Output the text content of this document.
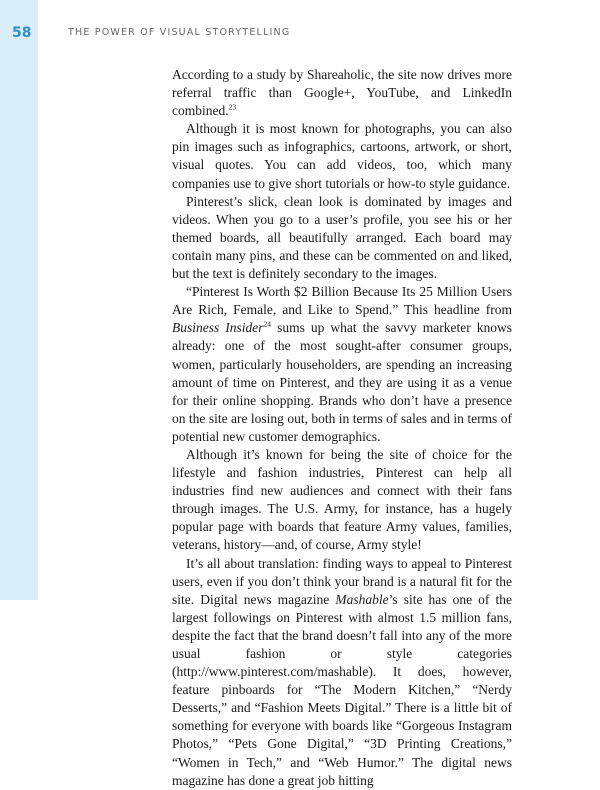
58	THE POWER OF VISUAL STORYTELLING

According to a study by Shareaholic, the site now drives more referral traffic than Google+, YouTube, and LinkedIn combined.$^{23}$

Although it is most known for photographs, you can also pin images such as infographics, cartoons, artwork, or short, visual quotes. You can add videos, too, which many companies use to give short tutorials or how-to style guidance.

Pinterest’s slick, clean look is dominated by images and videos. When you go to a user’s profile, you see his or her themed boards, all beautifully arranged. Each board may contain many pins, and these can be commented on and liked, but the text is definitely secondary to the images.

“Pinterest Is Worth $2 Billion Because Its 25 Million Users Are Rich, Female, and Like to Spend.” This headline from Business Insider$^{24}$ sums up what the savvy marketer knows already: one of the most sought-after consumer groups, women, particularly householders, are spending an increasing amount of time on Pinterest, and they are using it as a venue for their online shopping. Brands who don’t have a presence on the site are losing out, both in terms of sales and in terms of potential new customer demographics.

Although it’s known for being the site of choice for the lifestyle and fashion industries, Pinterest can help all industries find new audiences and connect with their fans through images. The U.S. Army, for instance, has a hugely popular page with boards that feature Army values, families, veterans, history—and, of course, Army style!

It’s all about translation: finding ways to appeal to Pinterest users, even if you don’t think your brand is a natural fit for the site. Digital news magazine Mashable’s site has one of the largest followings on Pinterest with almost 1.5 million fans, despite the fact that the brand doesn’t fall into any of the more usual fashion or style categories (http://www.pinterest.com/mashable). It does, however, feature pinboards for “The Modern Kitchen,” “Nerdy Desserts,” and “Fashion Meets Digital.” There is a little bit of something for everyone with boards like “Gorgeous Instagram Photos,” “Pets Gone Digital,” “3D Printing Creations,” “Women in Tech,” and “Web Humor.” The digital news magazine has done a great job hitting
